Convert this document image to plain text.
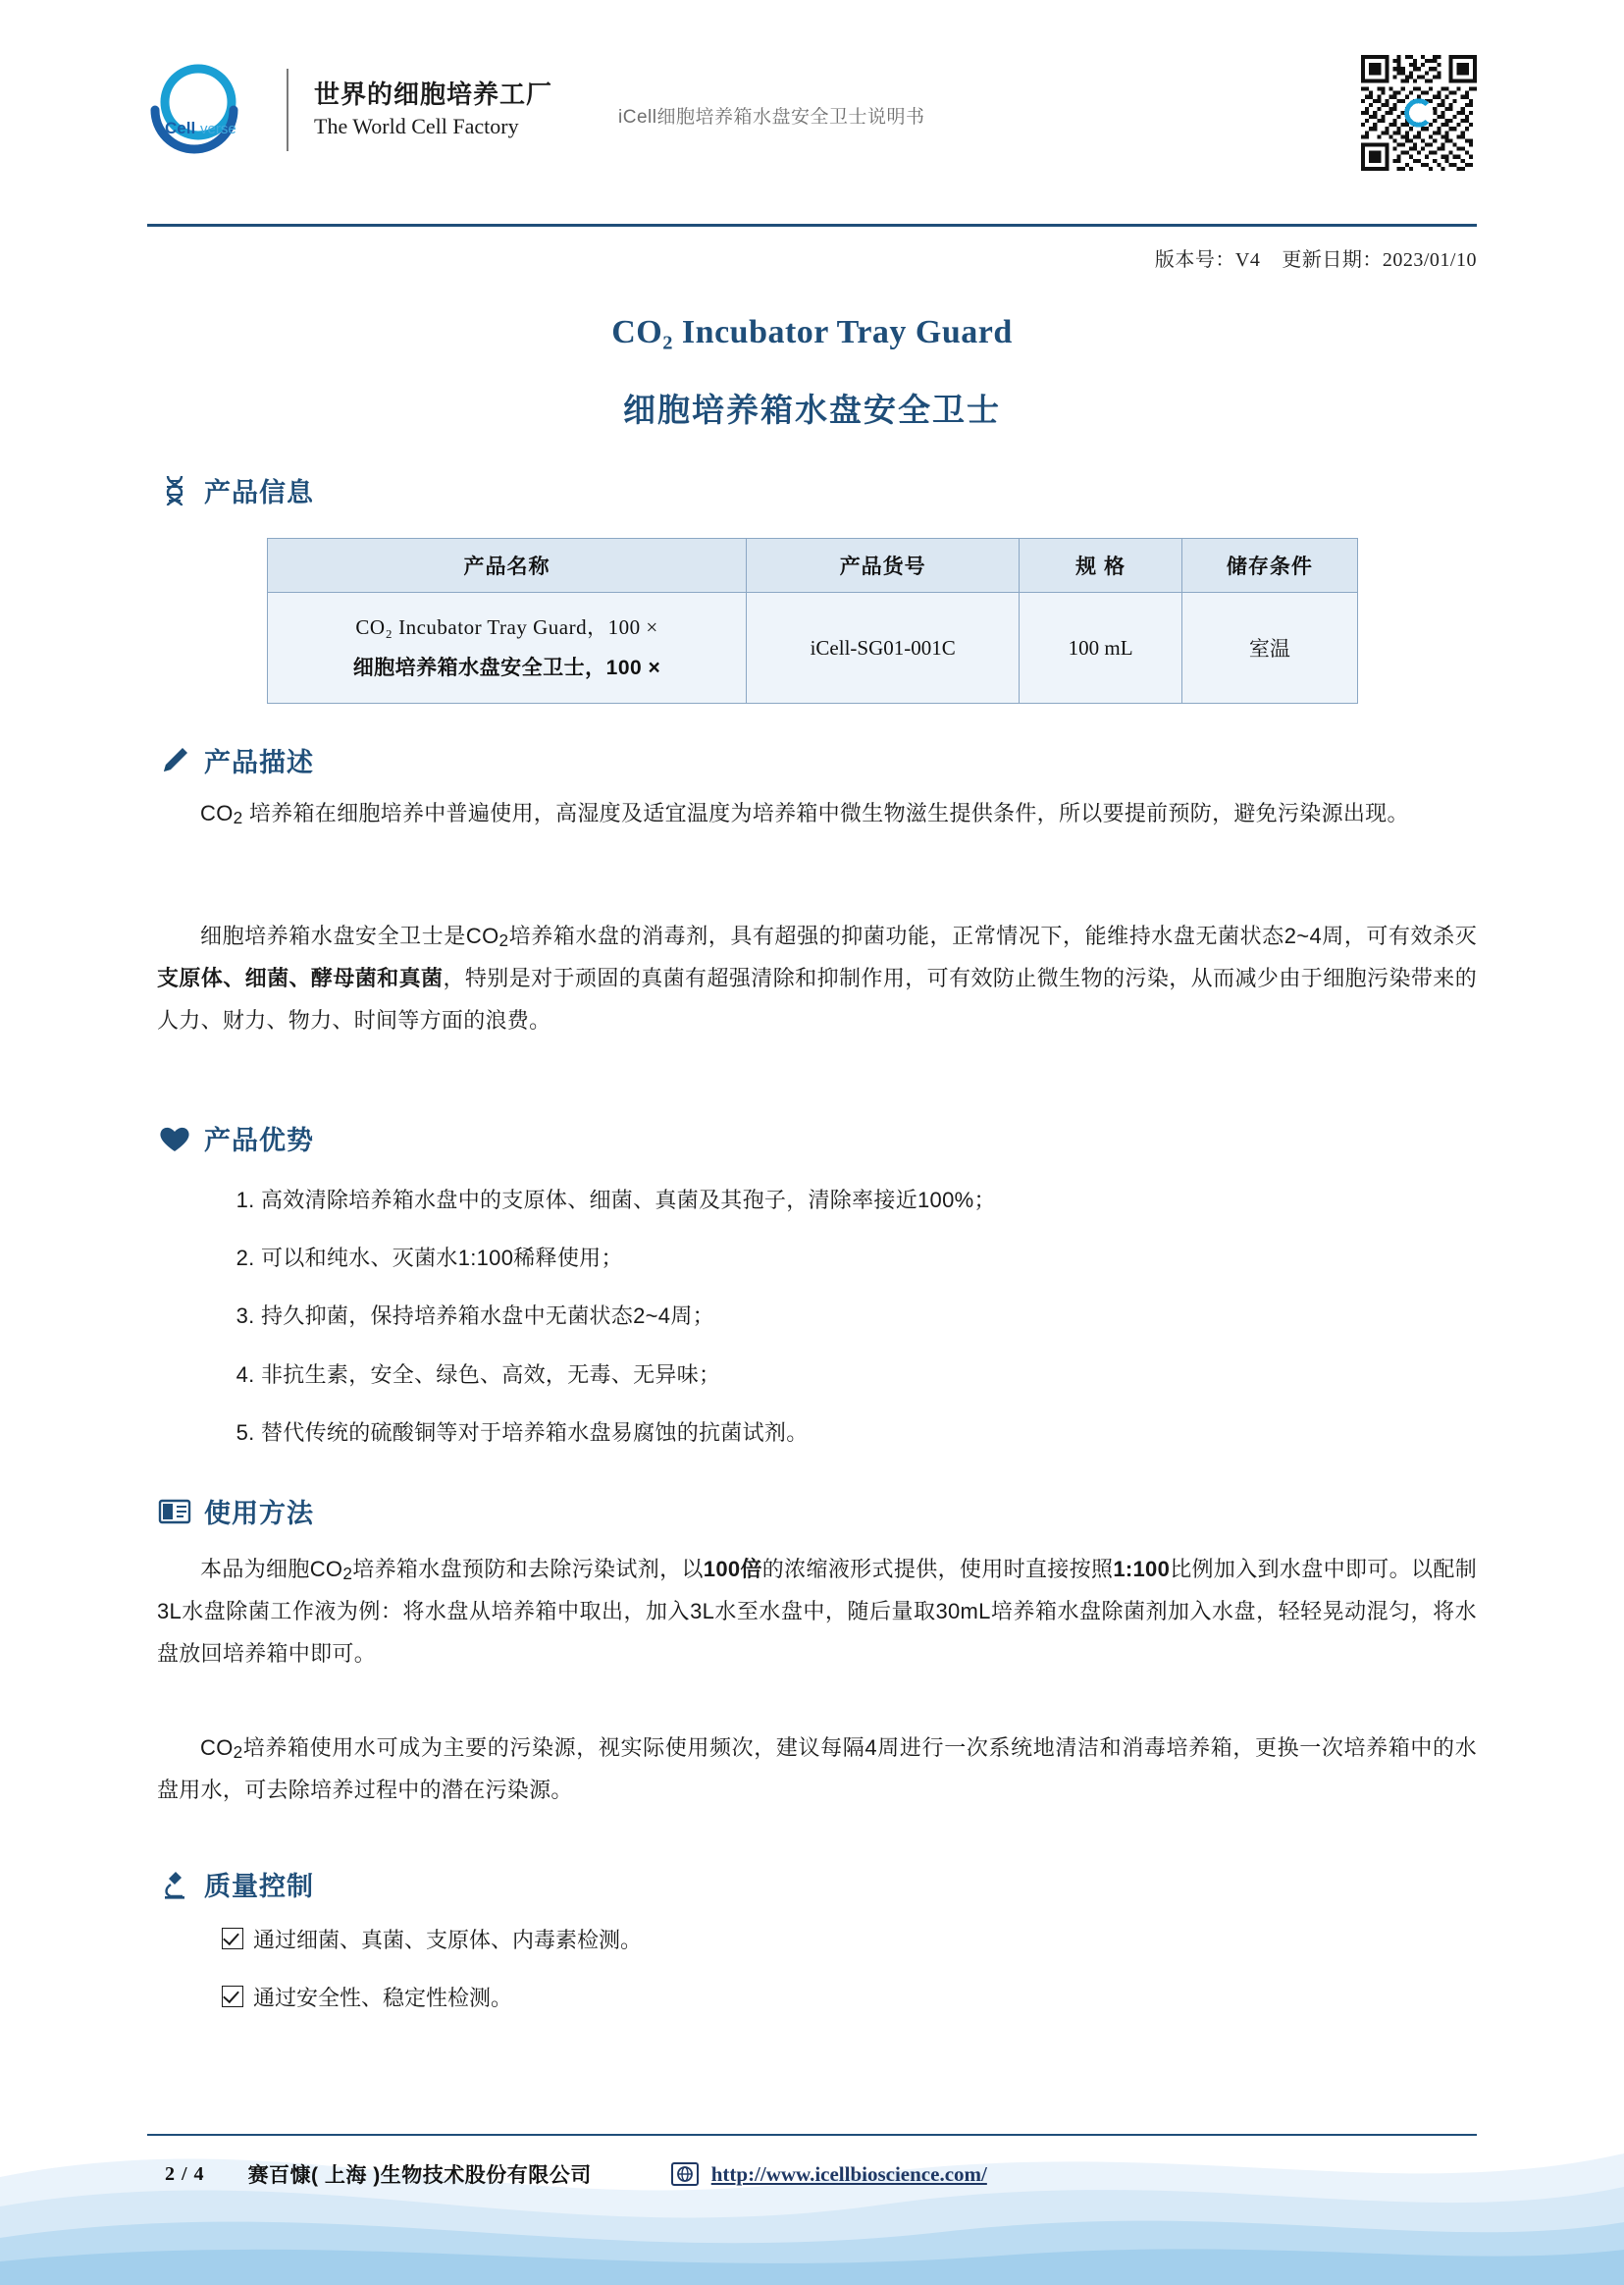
Cell verse
世界的细胞培养工厂
The World Cell Factory	iCell细胞培养箱水盘安全卫士说明书
版本号：V4 更新日期：2023/01/10
CO₂ Incubator Tray Guard
细胞培养箱水盘安全卫士
产品信息
产品名称	产品货号	规 格	储存条件

CO₂ Incubator Tray Guard，100 ×
细胞培养箱水盘安全卫士，100 ×	iCell-SG01-001C	100 mL	室温
产品描述
CO2 培养箱在细胞培养中普遍使用，高湿度及适宜温度为培养箱中微生物滋生提供条件，所以要提前预防，避免污染源出现。
细胞培养箱水盘安全卫士是CO2培养箱水盘的消毒剂，具有超强的抑菌功能，正常情况下，能维持水盘无菌状态2~4周，可有效杀灭支原体、细菌、酵母菌和真菌，特别是对于顽固的真菌有超强清除和抑制作用，可有效防止微生物的污染，从而减少由于细胞污染带来的人力、财力、物力、时间等方面的浪费。
产品优势
1. 高效清除培养箱水盘中的支原体、细菌、真菌及其孢子，清除率接近100%；
2. 可以和纯水、灭菌水1:100稀释使用；
3. 持久抑菌，保持培养箱水盘中无菌状态2~4周；
4. 非抗生素，安全、绿色、高效，无毒、无异味；
5. 替代传统的硫酸铜等对于培养箱水盘易腐蚀的抗菌试剂。
使用方法
本品为细胞CO2培养箱水盘预防和去除污染试剂，以100倍的浓缩液形式提供，使用时直接按照1:100比例加入到水盘中即可。以配制3L水盘除菌工作液为例：将水盘从培养箱中取出，加入3L水至水盘中，随后量取30mL培养箱水盘除菌剂加入水盘，轻轻晃动混匀，将水盘放回培养箱中即可。
CO2培养箱使用水可成为主要的污染源，视实际使用频次，建议每隔4周进行一次系统地清洁和消毒培养箱，更换一次培养箱中的水盘用水，可去除培养过程中的潜在污染源。
质量控制
通过细菌、真菌、支原体、内毒素检测。
通过安全性、稳定性检测。
2 / 4 赛百慷( 上海 )生物技术股份有限公司	http://www.icellbioscience.com/
